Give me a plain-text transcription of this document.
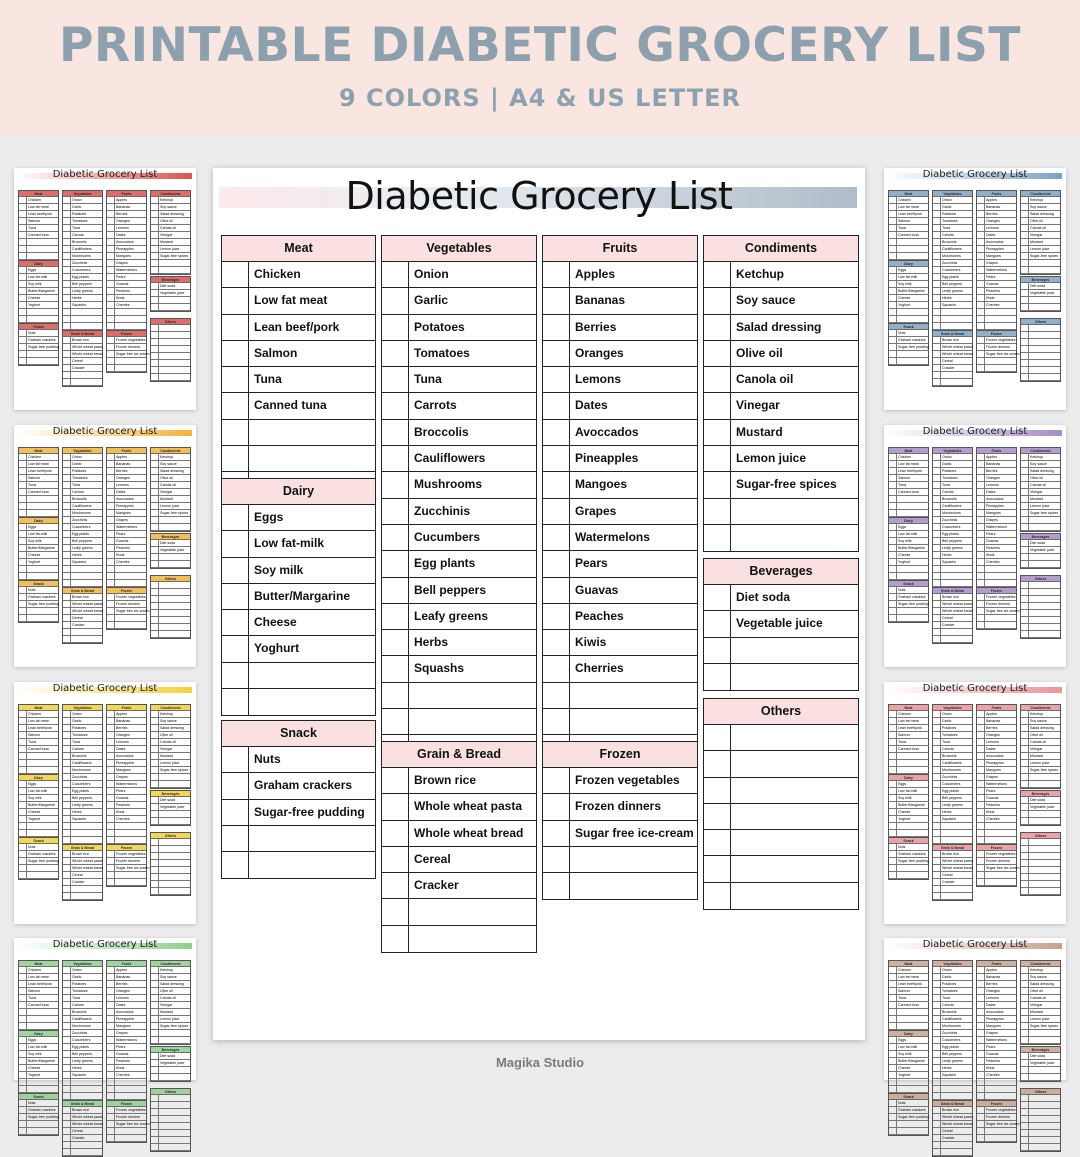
PRINTABLE DIABETIC GROCERY LIST
9 COLORS | A4 & US LETTER
Diabetic Grocery List
Meat
Chicken
Low fat meat
Lean beef/pork
Salmon
Tuna
Canned tuna
Vegetables
Onion
Garlic
Potatoes
Tomatoes
Tuna
Carrots
Broccolis
Cauliflowers
Mushrooms
Zucchinis
Cucumbers
Egg plants
Bell peppers
Leafy greens
Herbs
Squashs
Fruits
Apples
Bananas
Berries
Oranges
Lemons
Dates
Avoccados
Pineapples
Mangoes
Grapes
Watermelons
Pears
Guavas
Peaches
Kiwis
Cherries
Condiments
Ketchup
Soy sauce
Salad dressing
Olive oil
Canola oil
Vinegar
Mustard
Lemon juice
Sugar-free spices
Dairy
Eggs
Low fat-milk
Soy milk
Butter/Margarine
Cheese
Yoghurt
Beverages
Diet soda
Vegetable juice
Snack
Nuts
Graham crackers
Sugar-free pudding
Grain & Bread
Brown rice
Whole wheat pasta
Whole wheat bread
Cereal
Cracker
Frozen
Frozen vegetables
Frozen dinners
Sugar free ice-cream
Others
Diabetic Grocery List
Meat
Chicken
Low fat meat
Lean beef/pork
Salmon
Tuna
Canned tuna
Vegetables
Onion
Garlic
Potatoes
Tomatoes
Tuna
Carrots
Broccolis
Cauliflowers
Mushrooms
Zucchinis
Cucumbers
Egg plants
Bell peppers
Leafy greens
Herbs
Squashs
Fruits
Apples
Bananas
Berries
Oranges
Lemons
Dates
Avoccados
Pineapples
Mangoes
Grapes
Watermelons
Pears
Guavas
Peaches
Kiwis
Cherries
Condiments
Ketchup
Soy sauce
Salad dressing
Olive oil
Canola oil
Vinegar
Mustard
Lemon juice
Sugar-free spices
Dairy
Eggs
Low fat-milk
Soy milk
Butter/Margarine
Cheese
Yoghurt
Beverages
Diet soda
Vegetable juice
Snack
Nuts
Graham crackers
Sugar-free pudding
Grain & Bread
Brown rice
Whole wheat pasta
Whole wheat bread
Cereal
Cracker
Frozen
Frozen vegetables
Frozen dinners
Sugar free ice-cream
Others
Diabetic Grocery List
Meat
Chicken
Low fat meat
Lean beef/pork
Salmon
Tuna
Canned tuna
Vegetables
Onion
Garlic
Potatoes
Tomatoes
Tuna
Carrots
Broccolis
Cauliflowers
Mushrooms
Zucchinis
Cucumbers
Egg plants
Bell peppers
Leafy greens
Herbs
Squashs
Fruits
Apples
Bananas
Berries
Oranges
Lemons
Dates
Avoccados
Pineapples
Mangoes
Grapes
Watermelons
Pears
Guavas
Peaches
Kiwis
Cherries
Condiments
Ketchup
Soy sauce
Salad dressing
Olive oil
Canola oil
Vinegar
Mustard
Lemon juice
Sugar-free spices
Dairy
Eggs
Low fat-milk
Soy milk
Butter/Margarine
Cheese
Yoghurt
Beverages
Diet soda
Vegetable juice
Snack
Nuts
Graham crackers
Sugar-free pudding
Grain & Bread
Brown rice
Whole wheat pasta
Whole wheat bread
Cereal
Cracker
Frozen
Frozen vegetables
Frozen dinners
Sugar free ice-cream
Others
Diabetic Grocery List
Meat
Chicken
Low fat meat
Lean beef/pork
Salmon
Tuna
Canned tuna
Vegetables
Onion
Garlic
Potatoes
Tomatoes
Tuna
Carrots
Broccolis
Cauliflowers
Mushrooms
Zucchinis
Cucumbers
Egg plants
Bell peppers
Leafy greens
Herbs
Squashs
Fruits
Apples
Bananas
Berries
Oranges
Lemons
Dates
Avoccados
Pineapples
Mangoes
Grapes
Watermelons
Pears
Guavas
Peaches
Kiwis
Cherries
Condiments
Ketchup
Soy sauce
Salad dressing
Olive oil
Canola oil
Vinegar
Mustard
Lemon juice
Sugar-free spices
Dairy
Eggs
Low fat-milk
Soy milk
Butter/Margarine
Cheese
Yoghurt
Beverages
Diet soda
Vegetable juice
Snack
Nuts
Graham crackers
Sugar-free pudding
Grain & Bread
Brown rice
Whole wheat pasta
Whole wheat bread
Cereal
Cracker
Frozen
Frozen vegetables
Frozen dinners
Sugar free ice-cream
Others
Diabetic Grocery List
Meat
Chicken
Low fat meat
Lean beef/pork
Salmon
Tuna
Canned tuna
Vegetables
Onion
Garlic
Potatoes
Tomatoes
Tuna
Carrots
Broccolis
Cauliflowers
Mushrooms
Zucchinis
Cucumbers
Egg plants
Bell peppers
Leafy greens
Herbs
Squashs
Fruits
Apples
Bananas
Berries
Oranges
Lemons
Dates
Avoccados
Pineapples
Mangoes
Grapes
Watermelons
Pears
Guavas
Peaches
Kiwis
Cherries
Condiments
Ketchup
Soy sauce
Salad dressing
Olive oil
Canola oil
Vinegar
Mustard
Lemon juice
Sugar-free spices
Dairy
Eggs
Low fat-milk
Soy milk
Butter/Margarine
Cheese
Yoghurt
Beverages
Diet soda
Vegetable juice
Snack
Nuts
Graham crackers
Sugar-free pudding
Grain & Bread
Brown rice
Whole wheat pasta
Whole wheat bread
Cereal
Cracker
Frozen
Frozen vegetables
Frozen dinners
Sugar free ice-cream
Others
Diabetic Grocery List
Meat
Chicken
Low fat meat
Lean beef/pork
Salmon
Tuna
Canned tuna
Vegetables
Onion
Garlic
Potatoes
Tomatoes
Tuna
Carrots
Broccolis
Cauliflowers
Mushrooms
Zucchinis
Cucumbers
Egg plants
Bell peppers
Leafy greens
Herbs
Squashs
Fruits
Apples
Bananas
Berries
Oranges
Lemons
Dates
Avoccados
Pineapples
Mangoes
Grapes
Watermelons
Pears
Guavas
Peaches
Kiwis
Cherries
Condiments
Ketchup
Soy sauce
Salad dressing
Olive oil
Canola oil
Vinegar
Mustard
Lemon juice
Sugar-free spices
Dairy
Eggs
Low fat-milk
Soy milk
Butter/Margarine
Cheese
Yoghurt
Beverages
Diet soda
Vegetable juice
Snack
Nuts
Graham crackers
Sugar-free pudding
Grain & Bread
Brown rice
Whole wheat pasta
Whole wheat bread
Cereal
Cracker
Frozen
Frozen vegetables
Frozen dinners
Sugar free ice-cream
Others
Diabetic Grocery List
Meat
Chicken
Low fat meat
Lean beef/pork
Salmon
Tuna
Canned tuna
Vegetables
Onion
Garlic
Potatoes
Tomatoes
Tuna
Carrots
Broccolis
Cauliflowers
Mushrooms
Zucchinis
Cucumbers
Egg plants
Bell peppers
Leafy greens
Herbs
Squashs
Fruits
Apples
Bananas
Berries
Oranges
Lemons
Dates
Avoccados
Pineapples
Mangoes
Grapes
Watermelons
Pears
Guavas
Peaches
Kiwis
Cherries
Condiments
Ketchup
Soy sauce
Salad dressing
Olive oil
Canola oil
Vinegar
Mustard
Lemon juice
Sugar-free spices
Dairy
Eggs
Low fat-milk
Soy milk
Butter/Margarine
Cheese
Yoghurt
Beverages
Diet soda
Vegetable juice
Snack
Nuts
Graham crackers
Sugar-free pudding
Grain & Bread
Brown rice
Whole wheat pasta
Whole wheat bread
Cereal
Cracker
Frozen
Frozen vegetables
Frozen dinners
Sugar free ice-cream
Others
Diabetic Grocery List
Meat
Chicken
Low fat meat
Lean beef/pork
Salmon
Tuna
Canned tuna
Vegetables
Onion
Garlic
Potatoes
Tomatoes
Tuna
Carrots
Broccolis
Cauliflowers
Mushrooms
Zucchinis
Cucumbers
Egg plants
Bell peppers
Leafy greens
Herbs
Squashs
Fruits
Apples
Bananas
Berries
Oranges
Lemons
Dates
Avoccados
Pineapples
Mangoes
Grapes
Watermelons
Pears
Guavas
Peaches
Kiwis
Cherries
Condiments
Ketchup
Soy sauce
Salad dressing
Olive oil
Canola oil
Vinegar
Mustard
Lemon juice
Sugar-free spices
Dairy
Eggs
Low fat-milk
Soy milk
Butter/Margarine
Cheese
Yoghurt
Beverages
Diet soda
Vegetable juice
Snack
Nuts
Graham crackers
Sugar-free pudding
Grain & Bread
Brown rice
Whole wheat pasta
Whole wheat bread
Cereal
Cracker
Frozen
Frozen vegetables
Frozen dinners
Sugar free ice-cream
Others
Diabetic Grocery List
Meat
Chicken
Low fat meat
Lean beef/pork
Salmon
Tuna
Canned tuna
Dairy
Eggs
Low fat-milk
Soy milk
Butter/Margarine
Cheese
Yoghurt
Snack
Nuts
Graham crackers
Sugar-free pudding
Vegetables
Onion
Garlic
Potatoes
Tomatoes
Tuna
Carrots
Broccolis
Cauliflowers
Mushrooms
Zucchinis
Cucumbers
Egg plants
Bell peppers
Leafy greens
Herbs
Squashs
Grain & Bread
Brown rice
Whole wheat pasta
Whole wheat bread
Cereal
Cracker
Fruits
Apples
Bananas
Berries
Oranges
Lemons
Dates
Avoccados
Pineapples
Mangoes
Grapes
Watermelons
Pears
Guavas
Peaches
Kiwis
Cherries
Frozen
Frozen vegetables
Frozen dinners
Sugar free ice-cream
Condiments
Ketchup
Soy sauce
Salad dressing
Olive oil
Canola oil
Vinegar
Mustard
Lemon juice
Sugar-free spices
Beverages
Diet soda
Vegetable juice
Others
Magika Studio
